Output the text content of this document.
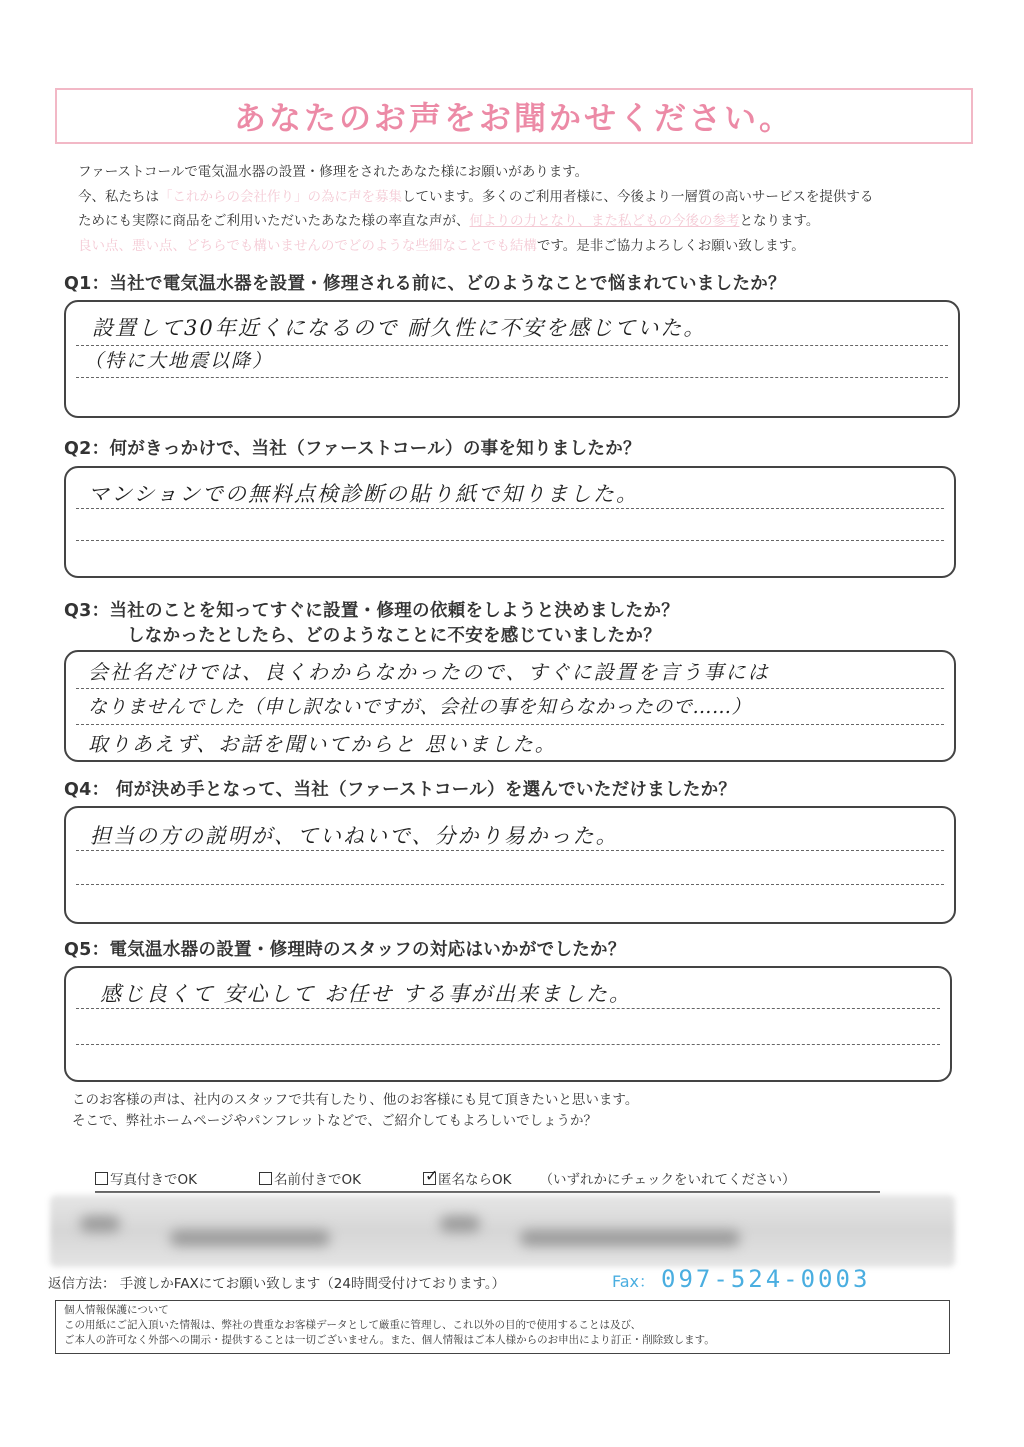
あなたのお声をお聞かせください。
ファーストコールで電気温水器の設置・修理をされたあなた様にお願いがあります。
今、私たちは「これからの会社作り」の為に声を募集しています。多くのご利用者様に、今後より一層質の高いサービスを提供する
ためにも実際に商品をご利用いただいたあなた様の率直な声が、何よりの力となり、また私どもの今後の参考となります。
良い点、悪い点、どちらでも構いませんのでどのような些細なことでも結構です。是非ご協力よろしくお願い致します。
Q1：当社で電気温水器を設置・修理される前に、どのようなことで悩まれていましたか？
設置して30年近くになるので 耐久性に不安を感じていた。
（特に大地震以降）
Q2：何がきっかけで、当社（ファーストコール）の事を知りましたか？
マンションでの無料点検診断の貼り紙で知りました。
Q3：当社のことを知ってすぐに設置・修理の依頼をしようと決めましたか？
しなかったとしたら、どのようなことに不安を感じていましたか？
会社名だけでは、良くわからなかったので、すぐに設置を言う事には
なりませんでした（申し訳ないですが、会社の事を知らなかったので……）
取りあえず、お話を聞いてからと 思いました。
Q4： 何が決め手となって、当社（ファーストコール）を選んでいただけましたか？
担当の方の説明が、ていねいで、分かり易かった。
Q5：電気温水器の設置・修理時のスタッフの対応はいかがでしたか？
感じ良くて 安心して お任せ する事が出来ました。
このお客様の声は、社内のスタッフで共有したり、他のお客様にも見て頂きたいと思います。
そこで、弊社ホームページやパンフレットなどで、ご紹介してもよろしいでしょうか？
写真付きでOK	名前付きでOK	✓ 匿名ならOK （いずれかにチェックをいれてください）
返信方法： 手渡しかFAXにてお願い致します（24時間受付けております。）	Fax： 097-524-0003
個人情報保護について
この用紙にご記入頂いた情報は、弊社の貴重なお客様データとして厳重に管理し、これ以外の目的で使用することは及び、
ご本人の許可なく外部への開示・提供することは一切ございません。また、個人情報はご本人様からのお申出により訂正・削除致します。
